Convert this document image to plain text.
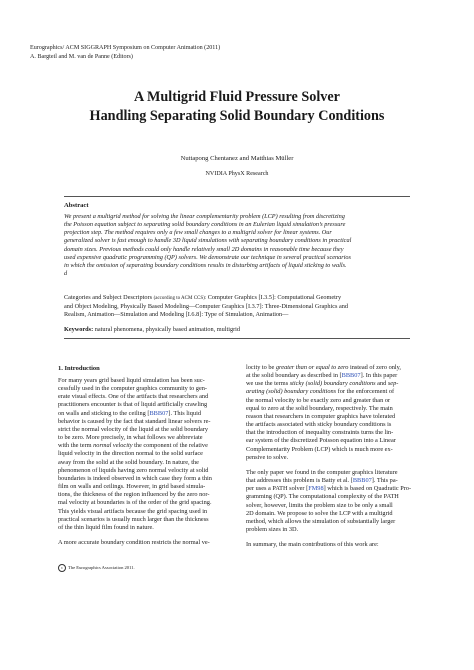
Eurographics/ ACM SIGGRAPH Symposium on Computer Animation (2011)
A. Bargteil and M. van de Panne (Editors)
A Multigrid Fluid Pressure Solver
Handling Separating Solid Boundary Conditions
Nuttapong Chentanez and Matthias Müller
NVIDIA PhysX Research
Abstract
We present a multigrid method for solving the linear complementarity problem (LCP) resulting from discretizing
the Poisson equation subject to separating solid boundary conditions in an Eulerian liquid simulation’s pressure
projection step. The method requires only a few small changes to a multigrid solver for linear systems. Our
generalized solver is fast enough to handle 3D liquid simulations with separating boundary conditions in practical
domain sizes. Previous methods could only handle relatively small 2D domains in reasonable time because they
used expensive quadratic programming (QP) solvers. We demonstrate our technique in several practical scenarios
in which the omission of separating boundary conditions results in disturbing artifacts of liquid sticking to walls.
d
Categories and Subject Descriptors (according to ACM CCS): Computer Graphics [I.3.5]: Computational Geometry
and Object Modeling, Physically Based Modeling—Computer Graphics [I.3.7]: Three-Dimensional Graphics and
Realism, Animation—Simulation and Modeling [I.6.8]: Type of Simulation, Animation—
Keywords: natural phenomena, physically based animation, multigrid
1. Introduction
For many years grid based liquid simulation has been suc-
cessfully used in the computer graphics community to gen-
erate visual effects. One of the artifacts that researchers and
practitioners encounter is that of liquid artificially crawling
on walls and sticking to the ceiling [BBB07]. This liquid
behavior is caused by the fact that standard linear solvers re-
strict the normal velocity of the liquid at the solid boundary
to be zero. More precisely, in what follows we abbreviate
with the term normal velocity the component of the relative
liquid velocity in the direction normal to the solid surface
away from the solid at the solid boundary. In nature, the
phenomenon of liquids having zero normal velocity at solid
boundaries is indeed observed in which case they form a thin
film on walls and ceilings. However, in grid based simula-
tions, the thickness of the region influenced by the zero nor-
mal velocity at boundaries is of the order of the grid spacing.
This yields visual artifacts because the grid spacing used in
practical scenarios is usually much larger than the thickness
of the thin liquid film found in nature.
A more accurate boundary condition restricts the normal ve-
locity to be greater than or equal to zero instead of zero only,
at the solid boundary as described in [BBB07]. In this paper
we use the terms sticky (solid) boundary conditions and sep-
arating (solid) boundary conditions for the enforcement of
the normal velocity to be exactly zero and greater than or
equal to zero at the solid boundary, respectively. The main
reason that researchers in computer graphics have tolerated
the artifacts associated with sticky boundary conditions is
that the introduction of inequality constraints turns the lin-
ear system of the discretized Poisson equation into a Linear
Complementarity Problem (LCP) which is much more ex-
pensive to solve.
The only paper we found in the computer graphics literature
that addresses this problem is Batty et al. [BBB07]. This pa-
per uses a PATH solver [FM98] which is based on Quadratic Pro-
gramming (QP). The computational complexity of the PATH
solver, however, limits the problem size to be only a small
2D domain. We propose to solve the LCP with a multigrid
method, which allows the simulation of substantially larger
problem sizes in 3D.
In summary, the main contributions of this work are:
c The Eurographics Association 2011.
